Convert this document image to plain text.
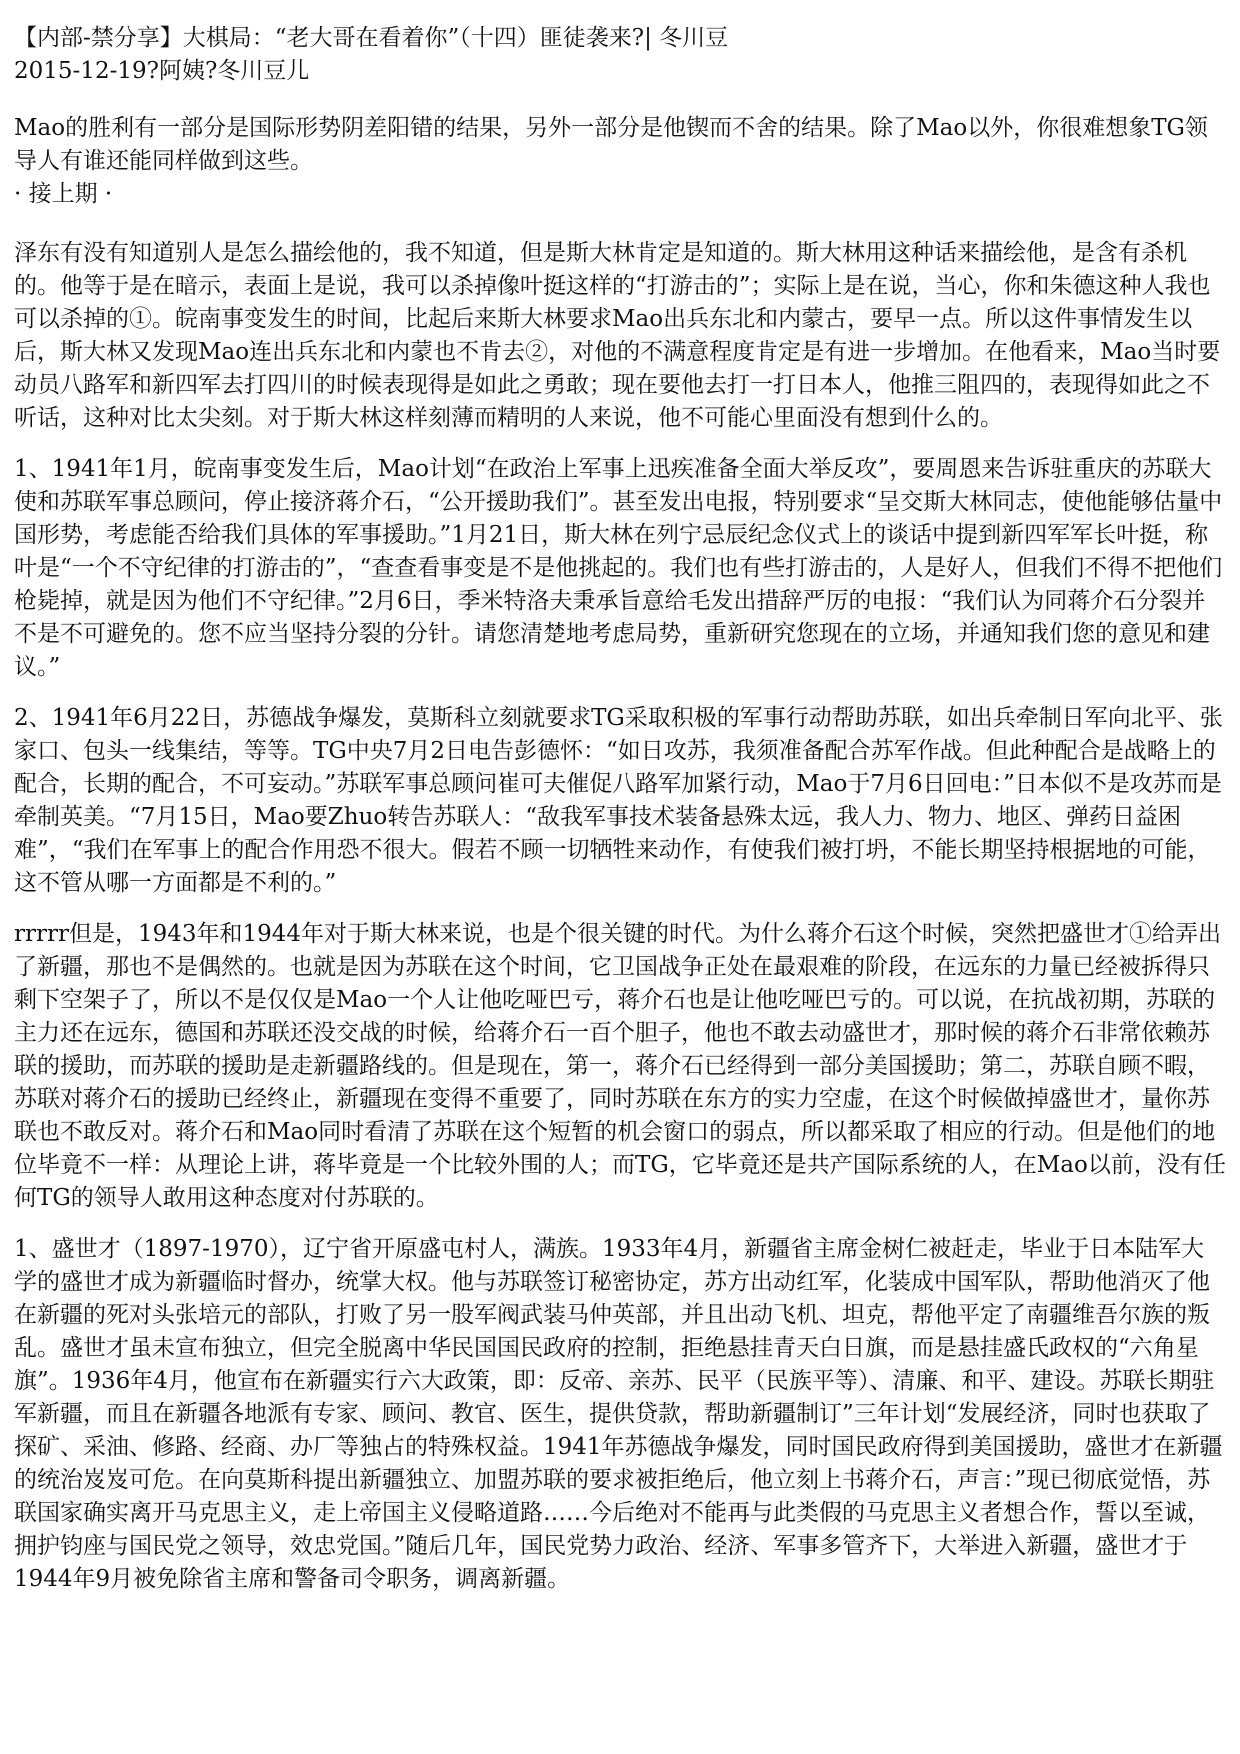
【内部-禁分享】大棋局：“老大哥在看着你”（十四）匪徒袭来?| 冬川豆
2015-12-19?阿姨?冬川豆儿

Mao的胜利有一部分是国际形势阴差阳错的结果，另外一部分是他锲而不舍的结果。除了Mao以外，你很难想象TG领导人有谁还能同样做到这些。

· 接上期 ·

泽东有没有知道别人是怎么描绘他的，我不知道，但是斯大林肯定是知道的。斯大林用这种话来描绘他，是含有杀机的。他等于是在暗示，表面上是说，我可以杀掉像叶挺这样的“打游击的”；实际上是在说，当心，你和朱德这种人我也可以杀掉的①。皖南事变发生的时间，比起后来斯大林要求Mao出兵东北和内蒙古，要早一点。所以这件事情发生以后，斯大林又发现Mao连出兵东北和内蒙也不肯去②，对他的不满意程度肯定是有进一步增加。在他看来，Mao当时要动员八路军和新四军去打四川的时候表现得是如此之勇敢；现在要他去打一打日本人，他推三阻四的，表现得如此之不听话，这种对比太尖刻。对于斯大林这样刻薄而精明的人来说，他不可能心里面没有想到什么的。

1、1941年1月，皖南事变发生后，Mao计划“在政治上军事上迅疾准备全面大举反攻”，要周恩来告诉驻重庆的苏联大使和苏联军事总顾问，停止接济蒋介石，“公开援助我们”。甚至发出电报，特别要求“呈交斯大林同志，使他能够估量中国形势，考虑能否给我们具体的军事援助。”1月21日，斯大林在列宁忌辰纪念仪式上的谈话中提到新四军军长叶挺，称叶是“一个不守纪律的打游击的”，“查查看事变是不是他挑起的。我们也有些打游击的，人是好人，但我们不得不把他们枪毙掉，就是因为他们不守纪律。”2月6日，季米特洛夫秉承旨意给毛发出措辞严厉的电报：“我们认为同蒋介石分裂并不是不可避免的。您不应当坚持分裂的分针。请您清楚地考虑局势，重新研究您现在的立场，并通知我们您的意见和建议。”

2、1941年6月22日，苏德战争爆发，莫斯科立刻就要求TG采取积极的军事行动帮助苏联，如出兵牵制日军向北平、张家口、包头一线集结，等等。TG中央7月2日电告彭德怀：“如日攻苏，我须准备配合苏军作战。但此种配合是战略上的配合，长期的配合，不可妄动。”苏联军事总顾问崔可夫催促八路军加紧行动，Mao于7月6日回电：”日本似不是攻苏而是牵制英美。“7月15日，Mao要Zhuo转告苏联人：“敌我军事技术装备悬殊太远，我人力、物力、地区、弹药日益困难”，“我们在军事上的配合作用恐不很大。假若不顾一切牺牲来动作，有使我们被打坍，不能长期坚持根据地的可能，这不管从哪一方面都是不利的。”

rrrrr但是，1943年和1944年对于斯大林来说，也是个很关键的时代。为什么蒋介石这个时候，突然把盛世才①给弄出了新疆，那也不是偶然的。也就是因为苏联在这个时间，它卫国战争正处在最艰难的阶段，在远东的力量已经被拆得只剩下空架子了，所以不是仅仅是Mao一个人让他吃哑巴亏，蒋介石也是让他吃哑巴亏的。可以说，在抗战初期，苏联的主力还在远东，德国和苏联还没交战的时候，给蒋介石一百个胆子，他也不敢去动盛世才，那时候的蒋介石非常依赖苏联的援助，而苏联的援助是走新疆路线的。但是现在，第一，蒋介石已经得到一部分美国援助；第二，苏联自顾不暇，苏联对蒋介石的援助已经终止，新疆现在变得不重要了，同时苏联在东方的实力空虚，在这个时候做掉盛世才，量你苏联也不敢反对。蒋介石和Mao同时看清了苏联在这个短暂的机会窗口的弱点，所以都采取了相应的行动。但是他们的地位毕竟不一样：从理论上讲，蒋毕竟是一个比较外围的人；而TG，它毕竟还是共产国际系统的人，在Mao以前，没有任何TG的领导人敢用这种态度对付苏联的。

1、盛世才（1897-1970），辽宁省开原盛屯村人，满族。1933年4月，新疆省主席金树仁被赶走，毕业于日本陆军大学的盛世才成为新疆临时督办，统掌大权。他与苏联签订秘密协定，苏方出动红军，化装成中国军队，帮助他消灭了他在新疆的死对头张培元的部队，打败了另一股军阀武装马仲英部，并且出动飞机、坦克，帮他平定了南疆维吾尔族的叛乱。盛世才虽未宣布独立，但完全脱离中华民国国民政府的控制，拒绝悬挂青天白日旗，而是悬挂盛氏政权的“六角星旗”。1936年4月，他宣布在新疆实行六大政策，即：反帝、亲苏、民平（民族平等）、清廉、和平、建设。苏联长期驻军新疆，而且在新疆各地派有专家、顾问、教官、医生，提供贷款，帮助新疆制订”三年计划“发展经济，同时也获取了探矿、采油、修路、经商、办厂等独占的特殊权益。1941年苏德战争爆发，同时国民政府得到美国援助，盛世才在新疆的统治岌岌可危。在向莫斯科提出新疆独立、加盟苏联的要求被拒绝后，他立刻上书蒋介石，声言：”现已彻底觉悟，苏联国家确实离开马克思主义，走上帝国主义侵略道路……今后绝对不能再与此类假的马克思主义者想合作，誓以至诚，拥护钧座与国民党之领导，效忠党国。”随后几年，国民党势力政治、经济、军事多管齐下，大举进入新疆，盛世才于1944年9月被免除省主席和警备司令职务，调离新疆。
